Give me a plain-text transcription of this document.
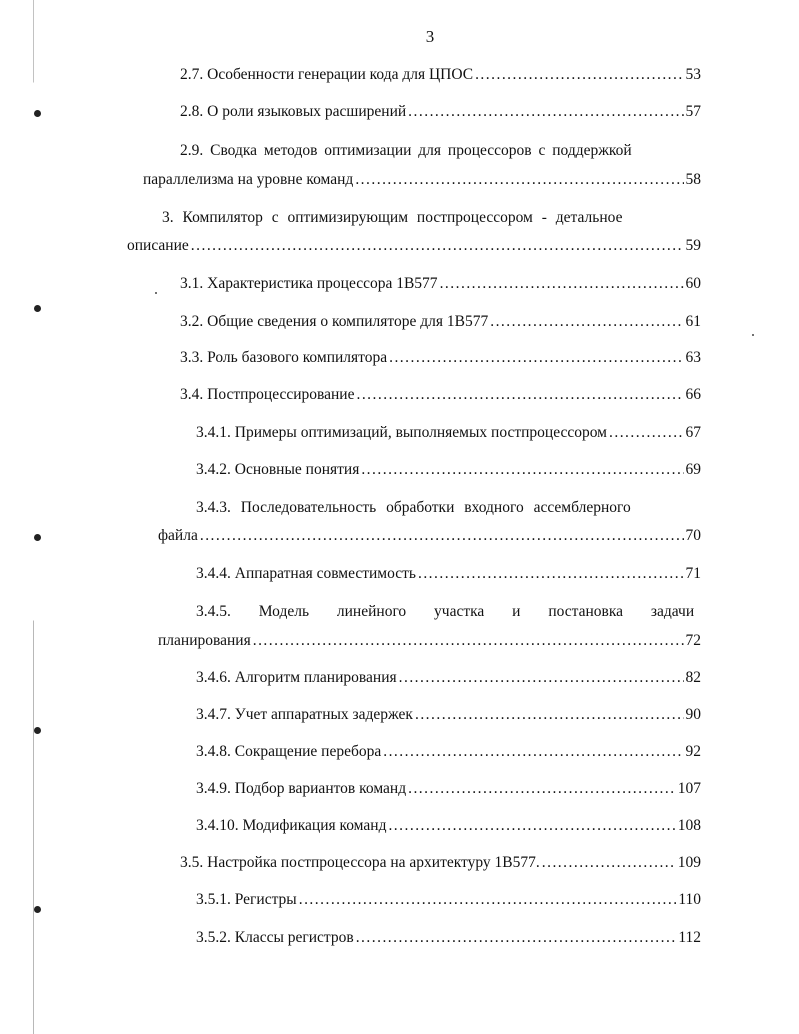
3
2.7. Особенности генерации кода для ЦПОС . . .	53
2.8. О роли языковых расширений . . .	57
2.9. Сводка методов оптимизации для процессоров с поддержкой
параллелизма на уровне команд . . .	58
3. Компилятор с оптимизирующим постпроцессором - детальное
описание . . .	59
3.1. Характеристика процессора 1В577 . . .	60
3.2. Общие сведения о компиляторе для 1В577 . . .	61
3.3. Роль базового компилятора . . .	63
3.4. Постпроцессирование . . .	66
3.4.1. Примеры оптимизаций, выполняемых постпроцессором . . .	67
3.4.2. Основные понятия . . .	69
3.4.3. Последовательность обработки входного ассемблерного
файла . . .	70
3.4.4. Аппаратная совместимость . . .	71
3.4.5. Модель линейного участка и постановка задачи
планирования . . .	72
3.4.6. Алгоритм планирования . . .	82
3.4.7. Учет аппаратных задержек . . .	90
3.4.8. Сокращение перебора . . .	92
3.4.9. Подбор вариантов команд . . .	107
3.4.10. Модификация команд . . .	108
3.5. Настройка постпроцессора на архитектуру 1В577. . . .	109
3.5.1. Регистры . . .	110
3.5.2. Классы регистров . . .	112
